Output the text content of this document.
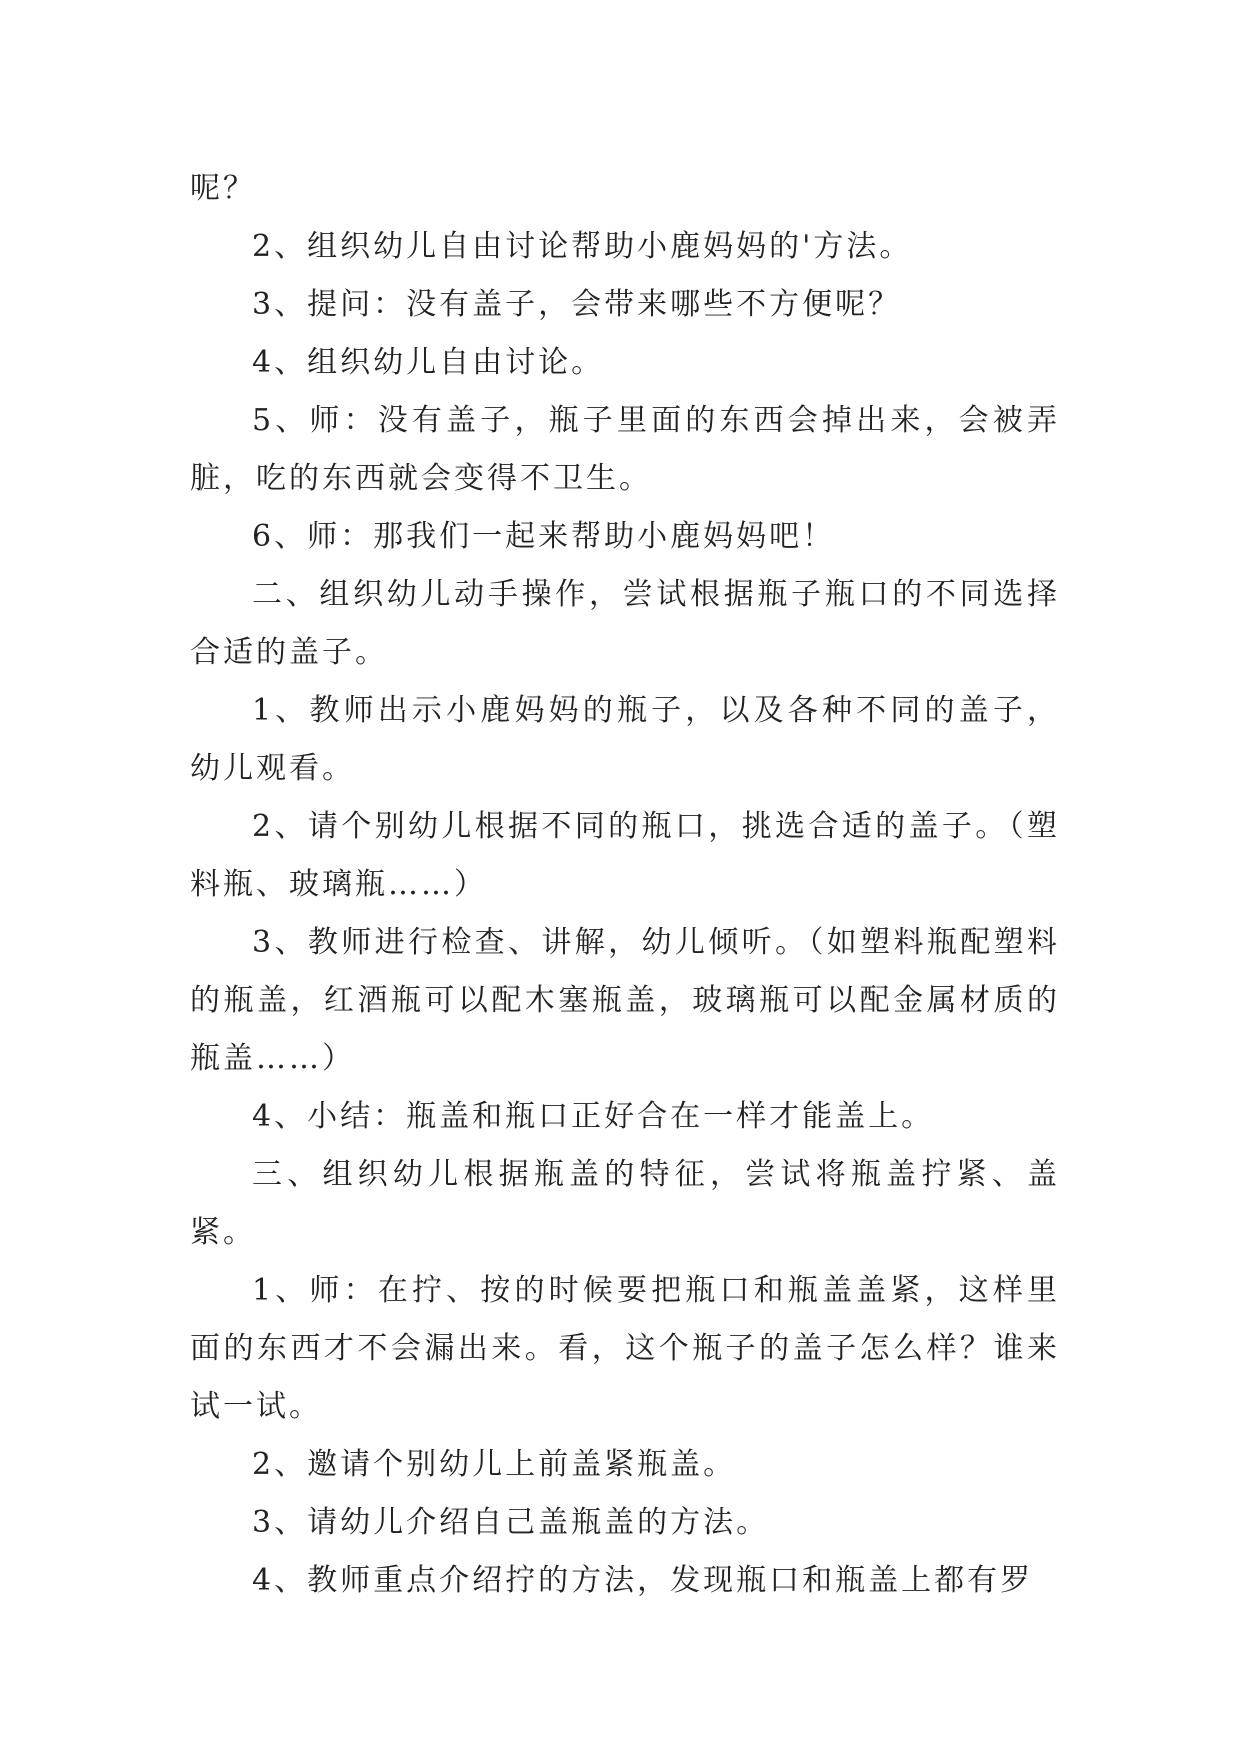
呢？

2、组织幼儿自由讨论帮助小鹿妈妈的'方法。

3、提问：没有盖子，会带来哪些不方便呢？

4、组织幼儿自由讨论。

5、师：没有盖子，瓶子里面的东西会掉出来，会被弄脏，吃的东西就会变得不卫生。

6、师：那我们一起来帮助小鹿妈妈吧！

二、组织幼儿动手操作，尝试根据瓶子瓶口的不同选择合适的盖子。

1、教师出示小鹿妈妈的瓶子，以及各种不同的盖子，幼儿观看。

2、请个别幼儿根据不同的瓶口，挑选合适的盖子。（塑料瓶、玻璃瓶……）

3、教师进行检查、讲解，幼儿倾听。（如塑料瓶配塑料的瓶盖，红酒瓶可以配木塞瓶盖，玻璃瓶可以配金属材质的瓶盖……）

4、小结：瓶盖和瓶口正好合在一样才能盖上。

三、组织幼儿根据瓶盖的特征，尝试将瓶盖拧紧、盖紧。

1、师：在拧、按的时候要把瓶口和瓶盖盖紧，这样里面的东西才不会漏出来。看，这个瓶子的盖子怎么样？谁来试一试。

2、邀请个别幼儿上前盖紧瓶盖。

3、请幼儿介绍自己盖瓶盖的方法。

4、教师重点介绍拧的方法，发现瓶口和瓶盖上都有罗
